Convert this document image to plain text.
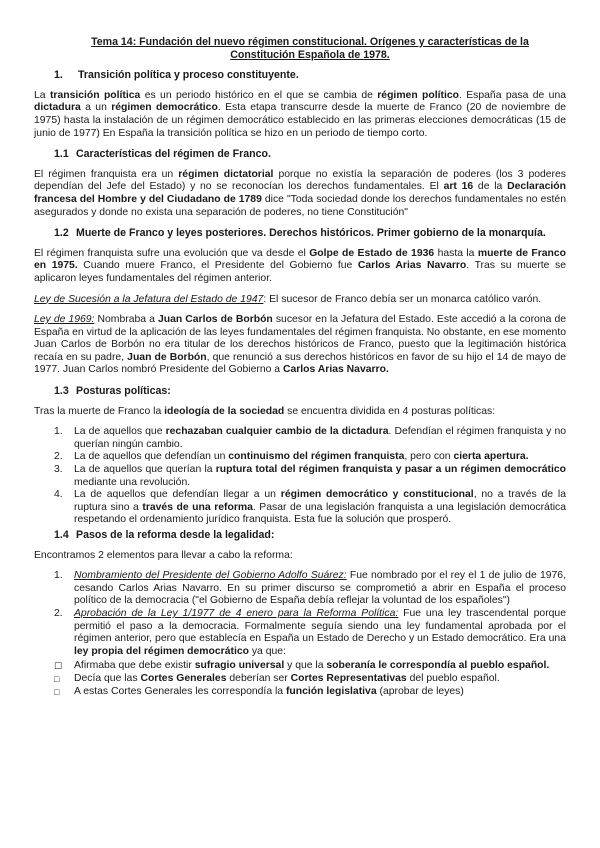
Tema 14: Fundación del nuevo régimen constitucional. Orígenes y características de la Constitución Española de 1978.
1.	Transición política y proceso constituyente.

La transición política es un periodo histórico en el que se cambia de régimen político. España pasa de una dictadura a un régimen democrático. Esta etapa transcurre desde la muerte de Franco (20 de noviembre de 1975) hasta la instalación de un régimen democrático establecido en las primeras elecciones democráticas (15 de junio de 1977) En España la transición política se hizo en un periodo de tiempo corto.

1.1 Características del régimen de Franco.

El régimen franquista era un régimen dictatorial porque no existía la separación de poderes (los 3 poderes dependían del Jefe del Estado) y no se reconocían los derechos fundamentales. El art 16 de la Declaración francesa del Hombre y del Ciudadano de 1789 dice "Toda sociedad donde los derechos fundamentales no estén asegurados y donde no exista una separación de poderes, no tiene Constitución"

1.2 Muerte de Franco y leyes posteriores. Derechos históricos. Primer gobierno de la monarquía.

El régimen franquista sufre una evolución que va desde el Golpe de Estado de 1936 hasta la muerte de Franco en 1975. Cuando muere Franco, el Presidente del Gobierno fue Carlos Arias Navarro. Tras su muerte se aplicaron leyes fundamentales del régimen anterior.

Ley de Sucesión a la Jefatura del Estado de 1947: El sucesor de Franco debía ser un monarca católico varón.

Ley de 1969: Nombraba a Juan Carlos de Borbón sucesor en la Jefatura del Estado. Este accedió a la corona de España en virtud de la aplicación de las leyes fundamentales del régimen franquista. No obstante, en ese momento Juan Carlos de Borbón no era titular de los derechos históricos de Franco, puesto que la legitimación histórica recaía en su padre, Juan de Borbón, que renunció a sus derechos históricos en favor de su hijo el 14 de mayo de 1977. Juan Carlos nombró Presidente del Gobierno a Carlos Arias Navarro.

1.3 Posturas políticas:

Tras la muerte de Franco la ideología de la sociedad se encuentra dividida en 4 posturas políticas:

1. La de aquellos que rechazaban cualquier cambio de la dictadura. Defendían el régimen franquista y no querían ningún cambio.
2. La de aquellos que defendían un continuismo del régimen franquista, pero con cierta apertura.
3. La de aquellos que querían la ruptura total del régimen franquista y pasar a un régimen democrático mediante una revolución.
4. La de aquellos que defendían llegar a un régimen democrático y constitucional, no a través de la ruptura sino a través de una reforma. Pasar de una legislación franquista a una legislación democrática respetando el ordenamiento jurídico franquista. Esta fue la solución que prosperó.
1.4 Pasos de la reforma desde la legalidad:

Encontramos 2 elementos para llevar a cabo la reforma:

1. Nombramiento del Presidente del Gobierno Adolfo Suárez: Fue nombrado por el rey el 1 de julio de 1976, cesando Carlos Arias Navarro. En su primer discurso se comprometió a abrir en España el proceso político de la democracia ("el Gobierno de España debía reflejar la voluntad de los españoles")
2. Aprobación de la Ley 1/1977 de 4 enero para la Reforma Política: Fue una ley trascendental porque permitió el paso a la democracia. Formalmente seguía siendo una ley fundamental aprobada por el régimen anterior, pero que establecía en España un Estado de Derecho y un Estado democrático. Era una ley propia del régimen democrático ya que:
☐ Afirmaba que debe existir sufragio universal y que la soberanía le correspondía al pueblo español.
□ Decía que las Cortes Generales deberían ser Cortes Representativas del pueblo español.
□ A estas Cortes Generales les correspondía la función legislativa (aprobar de leyes)
